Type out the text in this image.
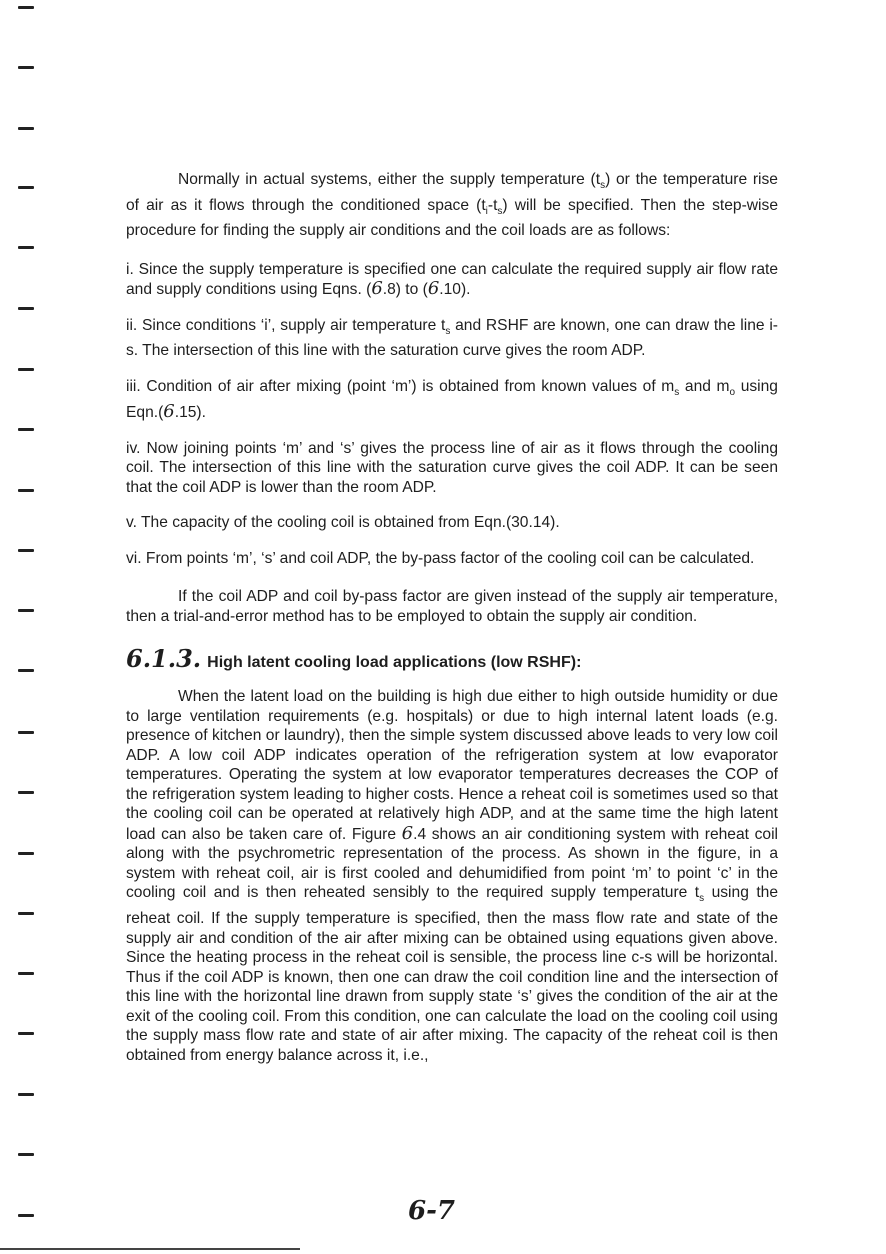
Normally in actual systems, either the supply temperature $(t_s)$ or the temperature rise of air as it flows through the conditioned space $(t_i-t_s)$ will be specified. Then the step-wise procedure for finding the supply air conditions and the coil loads are as follows:

i. Since the supply temperature is specified one can calculate the required supply air flow rate and supply conditions using Eqns. (6.8) to (6.10).

ii. Since conditions ‘i’, supply air temperature $t_s$ and RSHF are known, one can draw the line i-s. The intersection of this line with the saturation curve gives the room ADP.

iii. Condition of air after mixing (point ‘m’) is obtained from known values of $m_s$ and $m_o$ using Eqn.(6.15).

iv. Now joining points ‘m’ and ‘s’ gives the process line of air as it flows through the cooling coil. The intersection of this line with the saturation curve gives the coil ADP. It can be seen that the coil ADP is lower than the room ADP.

v. The capacity of the cooling coil is obtained from Eqn.(30.14).

vi. From points ‘m’, ‘s’ and coil ADP, the by-pass factor of the cooling coil can be calculated.

If the coil ADP and coil by-pass factor are given instead of the supply air temperature, then a trial-and-error method has to be employed to obtain the supply air condition.

6.1.3. High latent cooling load applications (low RSHF):

When the latent load on the building is high due either to high outside humidity or due to large ventilation requirements (e.g. hospitals) or due to high internal latent loads (e.g. presence of kitchen or laundry), then the simple system discussed above leads to very low coil ADP. A low coil ADP indicates operation of the refrigeration system at low evaporator temperatures. Operating the system at low evaporator temperatures decreases the COP of the refrigeration system leading to higher costs. Hence a reheat coil is sometimes used so that the cooling coil can be operated at relatively high ADP, and at the same time the high latent load can also be taken care of. Figure 6.4 shows an air conditioning system with reheat coil along with the psychrometric representation of the process. As shown in the figure, in a system with reheat coil, air is first cooled and dehumidified from point ‘m’ to point ‘c’ in the cooling coil and is then reheated sensibly to the required supply temperature $t_s$ using the reheat coil. If the supply temperature is specified, then the mass flow rate and state of the supply air and condition of the air after mixing can be obtained using equations given above. Since the heating process in the reheat coil is sensible, the process line c-s will be horizontal. Thus if the coil ADP is known, then one can draw the coil condition line and the intersection of this line with the horizontal line drawn from supply state ‘s’ gives the condition of the air at the exit of the cooling coil. From this condition, one can calculate the load on the cooling coil using the supply mass flow rate and state of air after mixing. The capacity of the reheat coil is then obtained from energy balance across it, i.e.,

6-7
